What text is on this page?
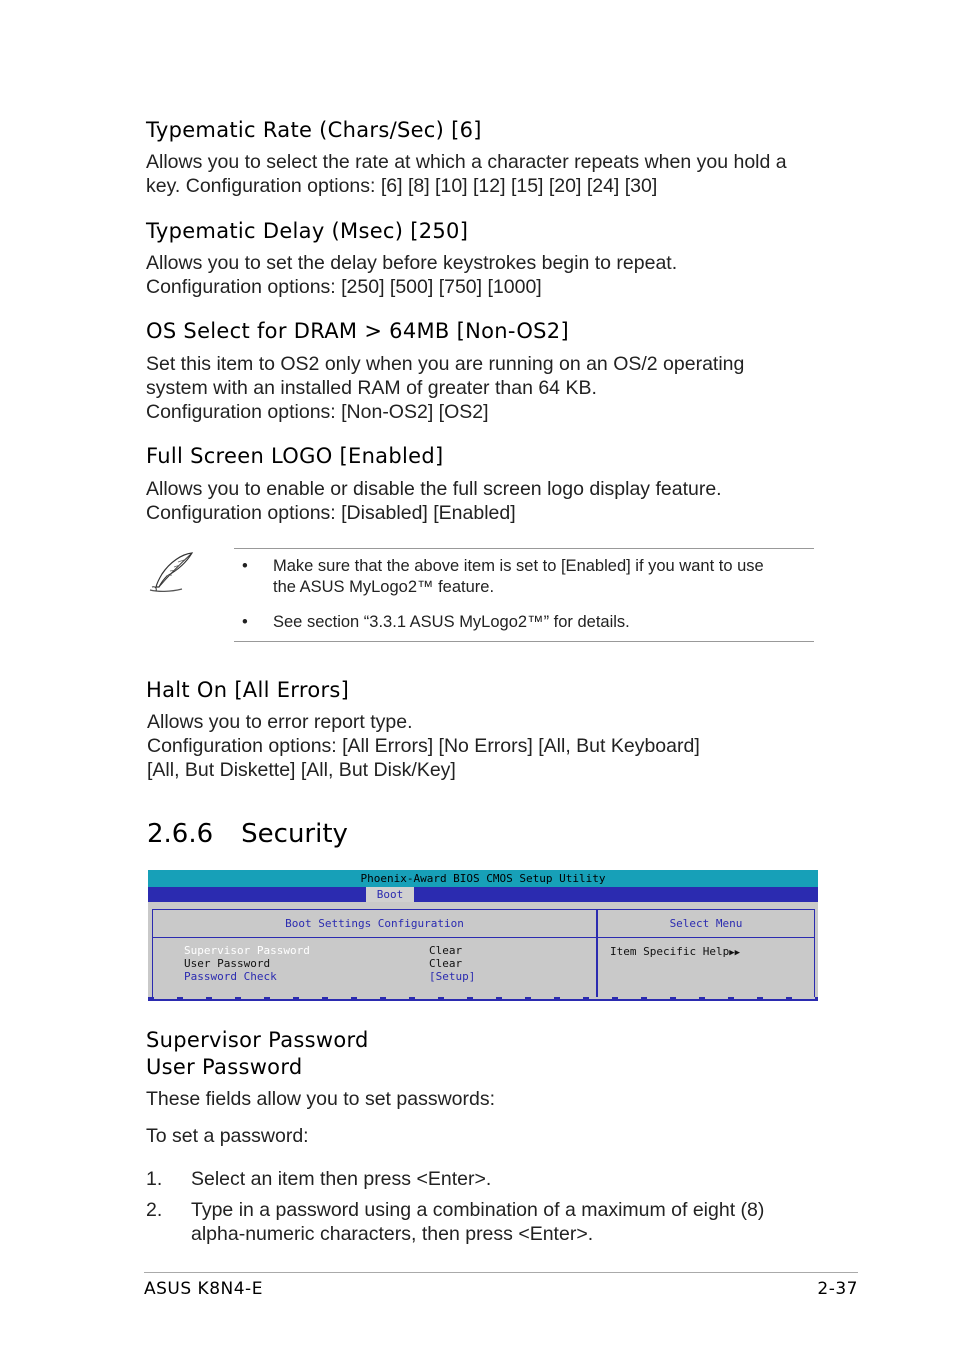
Typematic Rate (Chars/Sec) [6]

Allows you to select the rate at which a character repeats when you hold a
key. Configuration options: [6] [8] [10] [12] [15] [20] [24] [30]

Typematic Delay (Msec) [250]

Allows you to set the delay before keystrokes begin to repeat.
Configuration options: [250] [500] [750] [1000]

OS Select for DRAM > 64MB [Non-OS2]

Set this item to OS2 only when you are running on an OS/2 operating
system with an installed RAM of greater than 64 KB.
Configuration options: [Non-OS2] [OS2]

Full Screen LOGO [Enabled]

Allows you to enable or disable the full screen logo display feature.
Configuration options: [Disabled] [Enabled]

• Make sure that the above item is set to [Enabled] if you want to use
the ASUS MyLogo2™ feature.
• See section “3.3.1 ASUS MyLogo2™” for details.
Halt On [All Errors]

Allows you to error report type.
Configuration options: [All Errors] [No Errors] [All, But Keyboard]
[All, But Diskette] [All, But Disk/Key]

2.6.6 Security
Phoenix-Award BIOS CMOS Setup Utility
Boot
Boot Settings Configuration
Supervisor Password	Clear
User Password	Clear
Password Check	[Setup]
Select Menu
Item Specific Help▶▶
Supervisor Password
User Password

These fields allow you to set passwords:

To set a password:

1. Select an item then press <Enter>.
2. Type in a password using a combination of a maximum of eight (8)
alpha-numeric characters, then press <Enter>.
ASUS K8N4-E	2-37
